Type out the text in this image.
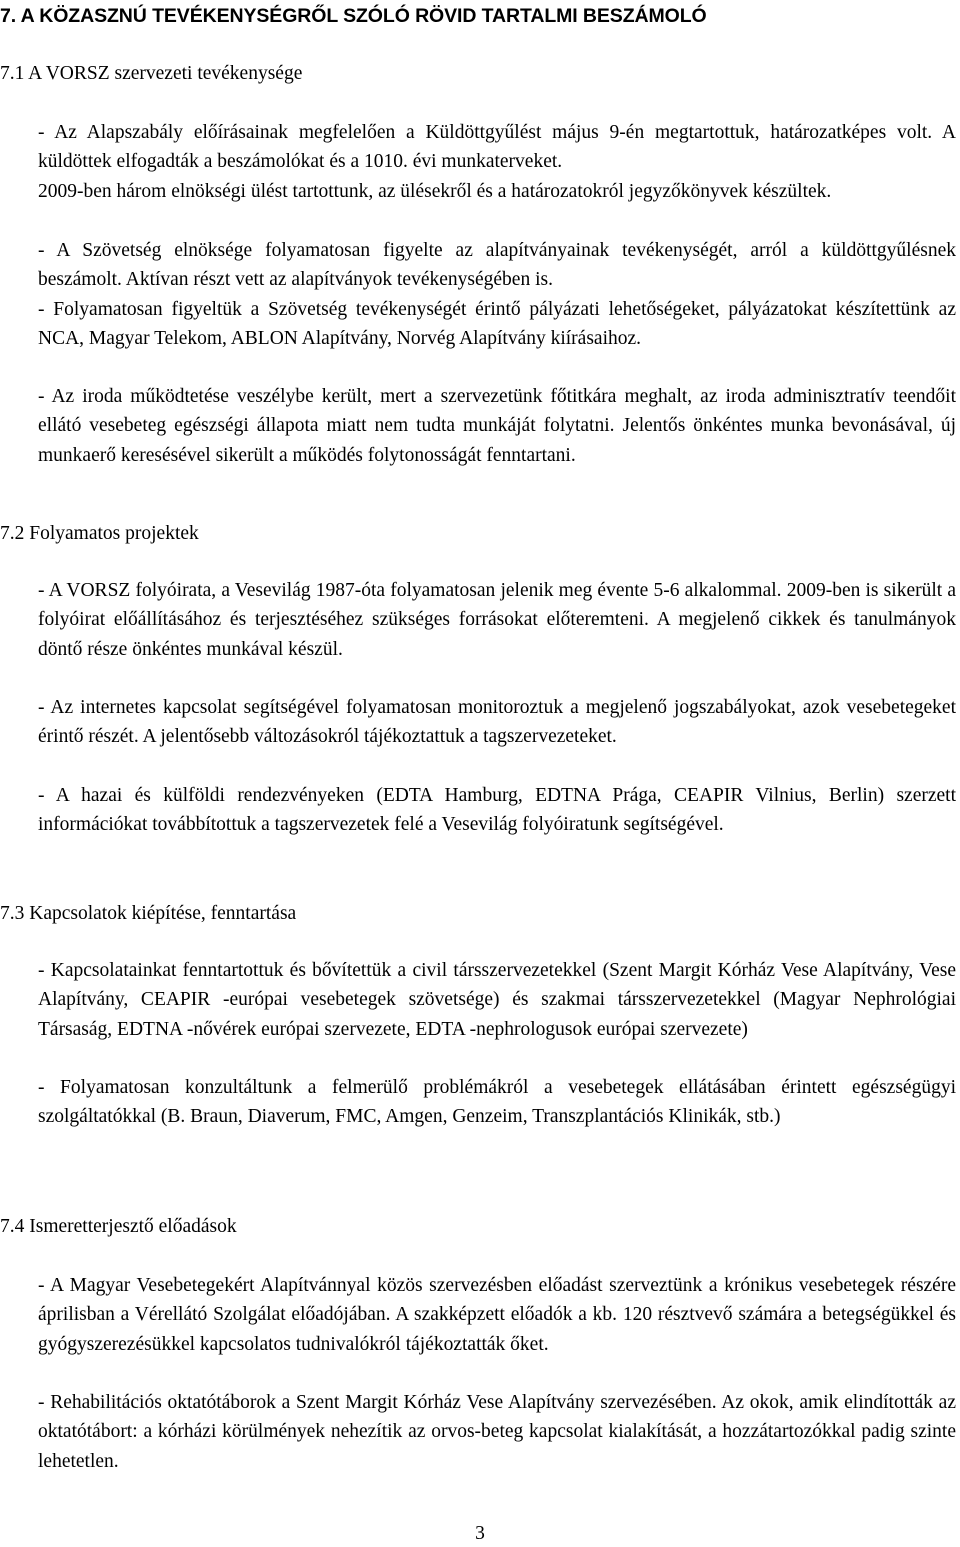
7. A KÖZASZNÚ TEVÉKENYSÉGRŐL SZÓLÓ RÖVID TARTALMI BESZÁMOLÓ
7.1 A VORSZ szervezeti tevékenysége

- Az Alapszabály előírásainak megfelelően a Küldöttgyűlést május 9-én megtartottuk, határozatképes volt. A küldöttek elfogadták a beszámolókat és a 1010. évi munkaterveket.

2009-ben három elnökségi ülést tartottunk, az ülésekről és a határozatokról jegyzőkönyvek készültek.

- A Szövetség elnöksége folyamatosan figyelte az alapítványainak tevékenységét, arról a küldöttgyűlésnek beszámolt. Aktívan részt vett az alapítványok tevékenységében is.

- Folyamatosan figyeltük a Szövetség tevékenységét érintő pályázati lehetőségeket, pályázatokat készítettünk az NCA, Magyar Telekom, ABLON Alapítvány, Norvég Alapítvány kiírásaihoz.

- Az iroda működtetése veszélybe került, mert a szervezetünk főtitkára meghalt, az iroda adminisztratív teendőit ellátó vesebeteg egészségi állapota miatt nem tudta munkáját folytatni. Jelentős önkéntes munka bevonásával, új munkaerő keresésével sikerült a működés folytonosságát fenntartani.

7.2 Folyamatos projektek

- A VORSZ folyóirata, a Vesevilág 1987-óta folyamatosan jelenik meg évente 5-6 alkalommal. 2009-ben is sikerült a folyóirat előállításához és terjesztéséhez szükséges forrásokat előteremteni. A megjelenő cikkek és tanulmányok döntő része önkéntes munkával készül.

- Az internetes kapcsolat segítségével folyamatosan monitoroztuk a megjelenő jogszabályokat, azok vesebetegeket érintő részét. A jelentősebb változásokról tájékoztattuk a tagszervezeteket.

- A hazai és külföldi rendezvényeken (EDTA Hamburg, EDTNA Prága, CEAPIR Vilnius, Berlin) szerzett információkat továbbítottuk a tagszervezetek felé a Vesevilág folyóiratunk segítségével.

7.3 Kapcsolatok kiépítése, fenntartása

- Kapcsolatainkat fenntartottuk és bővítettük a civil társszervezetekkel (Szent Margit Kórház Vese Alapítvány, Vese Alapítvány, CEAPIR -európai vesebetegek szövetsége) és szakmai társszervezetekkel (Magyar Nephrológiai Társaság, EDTNA -nővérek európai szervezete, EDTA -nephrologusok európai szervezete)

- Folyamatosan konzultáltunk a felmerülő problémákról a vesebetegek ellátásában érintett egészségügyi szolgáltatókkal (B. Braun, Diaverum, FMC, Amgen, Genzeim, Transzplantációs Klinikák, stb.)

7.4 Ismeretterjesztő előadások

- A Magyar Vesebetegekért Alapítvánnyal közös szervezésben előadást szerveztünk a krónikus vesebetegek részére áprilisban a Vérellátó Szolgálat előadójában. A szakképzett előadók a kb. 120 résztvevő számára a betegségükkel és gyógyszerezésükkel kapcsolatos tudnivalókról tájékoztatták őket.

- Rehabilitációs oktatótáborok a Szent Margit Kórház Vese Alapítvány szervezésében. Az okok, amik elindították az oktatótábort: a kórházi körülmények nehezítik az orvos-beteg kapcsolat kialakítását, a hozzátartozókkal padig szinte lehetetlen.

3
